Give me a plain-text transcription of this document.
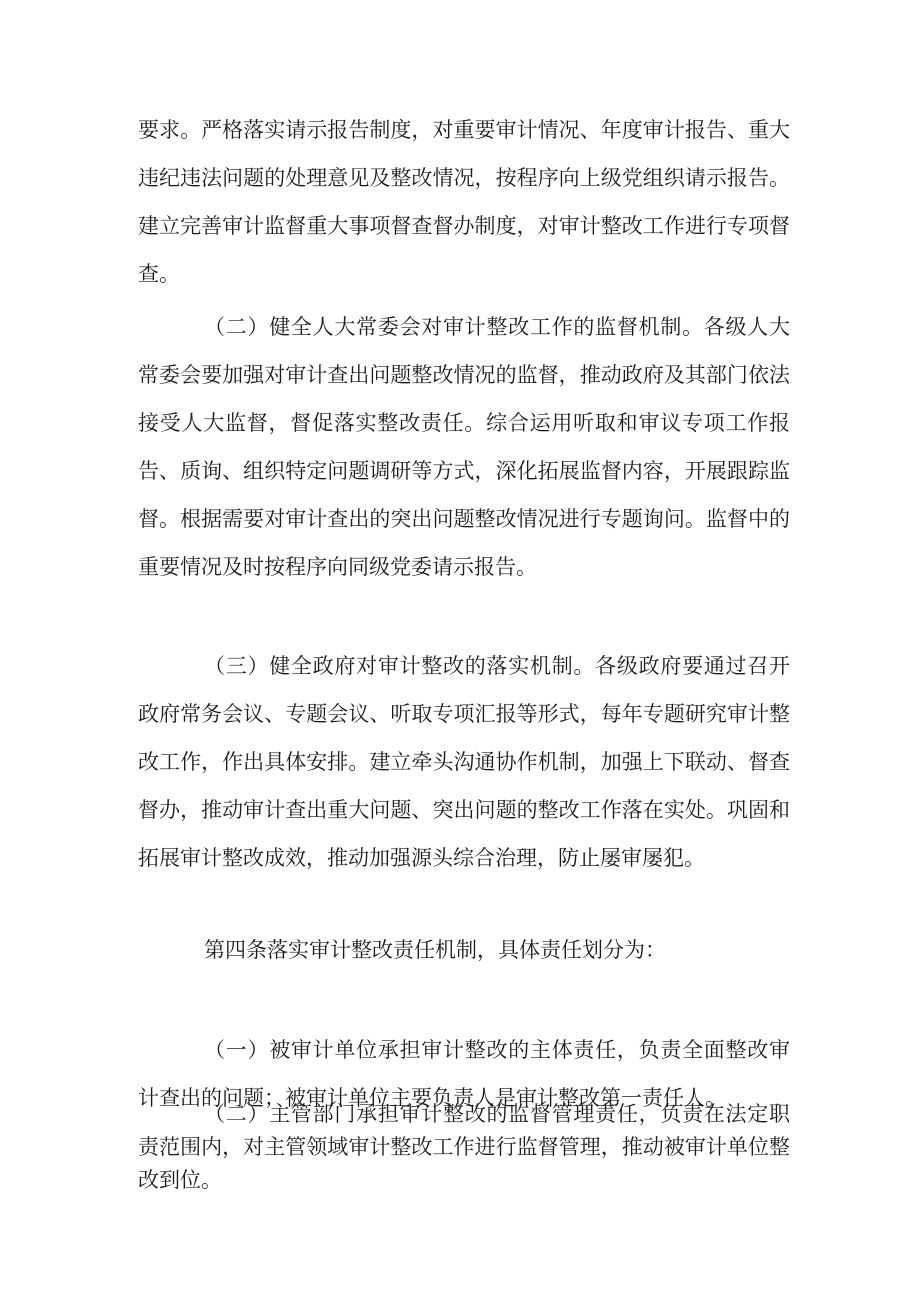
要求。严格落实请示报告制度，对重要审计情况、年度审计报告、重大违纪违法问题的处理意见及整改情况，按程序向上级党组织请示报告。建立完善审计监督重大事项督查督办制度，对审计整改工作进行专项督查。

（二）健全人大常委会对审计整改工作的监督机制。各级人大常委会要加强对审计查出问题整改情况的监督，推动政府及其部门依法接受人大监督，督促落实整改责任。综合运用听取和审议专项工作报告、质询、组织特定问题调研等方式，深化拓展监督内容，开展跟踪监督。根据需要对审计查出的突出问题整改情况进行专题询问。监督中的重要情况及时按程序向同级党委请示报告。

（三）健全政府对审计整改的落实机制。各级政府要通过召开政府常务会议、专题会议、听取专项汇报等形式，每年专题研究审计整改工作，作出具体安排。建立牵头沟通协作机制，加强上下联动、督查督办，推动审计查出重大问题、突出问题的整改工作落在实处。巩固和拓展审计整改成效，推动加强源头综合治理，防止屡审屡犯。

第四条落实审计整改责任机制，具体责任划分为：

（一）被审计单位承担审计整改的主体责任，负责全面整改审计查出的问题；被审计单位主要负责人是审计整改第一责任人。

（二）主管部门承担审计整改的监督管理责任，负责在法定职责范围内，对主管领域审计整改工作进行监督管理，推动被审计单位整改到位。
